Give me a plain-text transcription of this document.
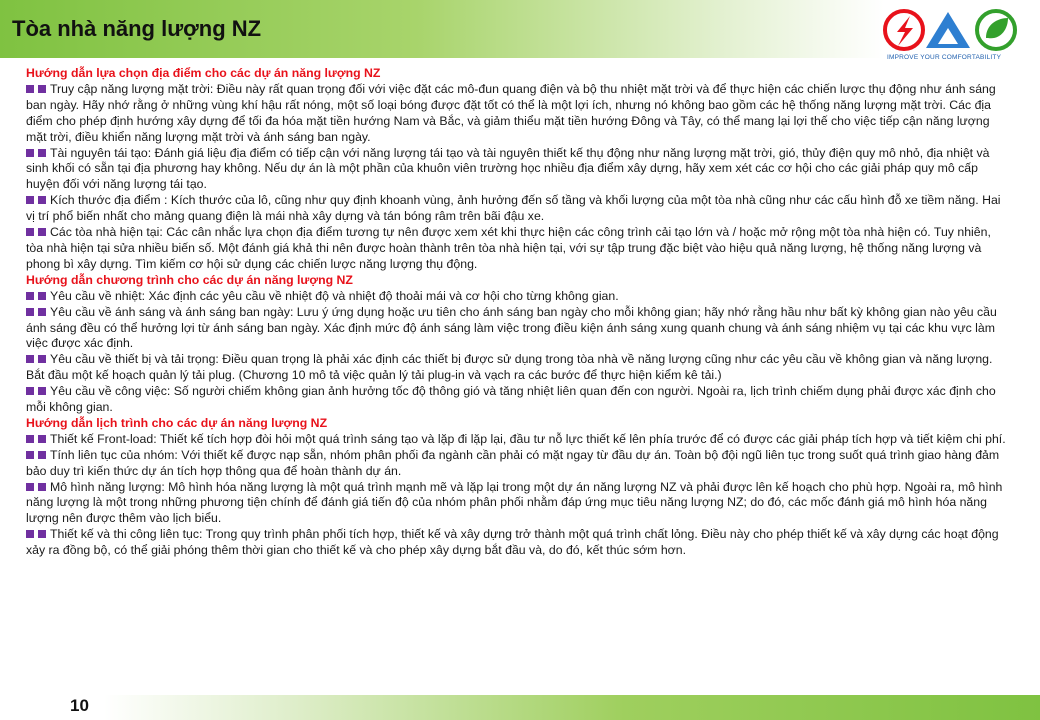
Tòa nhà năng lượng NZ
IMPROVE YOUR COMFORTABILITY
Hướng dẫn lựa chọn địa điểm cho các dự án năng lượng NZ

Truy cập năng lượng mặt trời: Điều này rất quan trọng đối với việc đặt các mô-đun quang điện và bộ thu nhiệt mặt trời và để thực hiện các chiến lược thụ động như ánh sáng ban ngày. Hãy nhớ rằng ở những vùng khí hậu rất nóng, một số loại bóng được đặt tốt có thể là một lợi ích, nhưng nó không bao gồm các hệ thống năng lượng mặt trời. Các địa điểm cho phép định hướng xây dựng để tối đa hóa mặt tiền hướng Nam và Bắc, và giảm thiểu mặt tiền hướng Đông và Tây, có thể mang lại lợi thế cho việc tiếp cận năng lượng mặt trời, điều khiển năng lượng mặt trời và ánh sáng ban ngày.

Tài nguyên tái tạo: Đánh giá liệu địa điểm có tiếp cận với năng lượng tái tạo và tài nguyên thiết kế thụ động như năng lượng mặt trời, gió, thủy điện quy mô nhỏ, địa nhiệt và sinh khối có sẵn tại địa phương hay không. Nếu dự án là một phần của khuôn viên trường học nhiều địa điểm xây dựng, hãy xem xét các cơ hội cho các giải pháp quy mô cấp huyện đối với năng lượng tái tạo.

Kích thước địa điểm : Kích thước của lô, cũng như quy định khoanh vùng, ảnh hưởng đến số tầng và khối lượng của một tòa nhà cũng như các cấu hình đỗ xe tiềm năng. Hai vị trí phổ biến nhất cho mảng quang điện là mái nhà xây dựng và tán bóng râm trên bãi đậu xe.

Các tòa nhà hiện tại: Các cân nhắc lựa chọn địa điểm tương tự nên được xem xét khi thực hiện các công trình cải tạo lớn và / hoặc mở rộng một tòa nhà hiện có. Tuy nhiên, tòa nhà hiện tại sửa nhiều biến số. Một đánh giá khả thi nên được hoàn thành trên tòa nhà hiện tại, với sự tập trung đặc biệt vào hiệu quả năng lượng, hệ thống năng lượng và phong bì xây dựng. Tìm kiếm cơ hội sử dụng các chiến lược năng lượng thụ động.

Hướng dẫn chương trình cho các dự án năng lượng NZ

Yêu cầu về nhiệt: Xác định các yêu cầu về nhiệt độ và nhiệt độ thoải mái và cơ hội cho từng không gian.

Yêu cầu về ánh sáng và ánh sáng ban ngày: Lưu ý ứng dụng hoặc ưu tiên cho ánh sáng ban ngày cho mỗi không gian; hãy nhớ rằng hầu như bất kỳ không gian nào yêu cầu ánh sáng đều có thể hưởng lợi từ ánh sáng ban ngày. Xác định mức độ ánh sáng làm việc trong điều kiện ánh sáng xung quanh chung và ánh sáng nhiệm vụ tại các khu vực làm việc được xác định.

Yêu cầu về thiết bị và tải trọng: Điều quan trọng là phải xác định các thiết bị được sử dụng trong tòa nhà về năng lượng cũng như các yêu cầu về không gian và năng lượng. Bắt đầu một kế hoạch quản lý tải plug. (Chương 10 mô tả việc quản lý tải plug-in và vạch ra các bước để thực hiện kiểm kê tải.)

Yêu cầu về công việc: Số người chiếm không gian ảnh hưởng tốc độ thông gió và tăng nhiệt liên quan đến con người. Ngoài ra, lịch trình chiếm dụng phải được xác định cho mỗi không gian.

Hướng dẫn lịch trình cho các dự án năng lượng NZ

Thiết kế Front-load: Thiết kế tích hợp đòi hỏi một quá trình sáng tạo và lặp đi lặp lại, đầu tư nỗ lực thiết kế lên phía trước để có được các giải pháp tích hợp và tiết kiệm chi phí.

Tính liên tục của nhóm: Với thiết kế được nạp sẵn, nhóm phân phối đa ngành cần phải có mặt ngay từ đầu dự án. Toàn bộ đội ngũ liên tục trong suốt quá trình giao hàng đảm bảo duy trì kiến thức dự án tích hợp thông qua để hoàn thành dự án.

Mô hình năng lượng: Mô hình hóa năng lượng là một quá trình mạnh mẽ và lặp lại trong một dự án năng lượng NZ và phải được lên kế hoạch cho phù hợp. Ngoài ra, mô hình năng lượng là một trong những phương tiện chính để đánh giá tiến độ của nhóm phân phối nhằm đáp ứng mục tiêu năng lượng NZ; do đó, các mốc đánh giá mô hình hóa năng lượng nên được thêm vào lịch biểu.

Thiết kế và thi công liên tục: Trong quy trình phân phối tích hợp, thiết kế và xây dựng trở thành một quá trình chất lỏng. Điều này cho phép thiết kế và xây dựng các hoạt động xảy ra đồng bộ, có thể giải phóng thêm thời gian cho thiết kế và cho phép xây dựng bắt đầu và, do đó, kết thúc sớm hơn.

10
